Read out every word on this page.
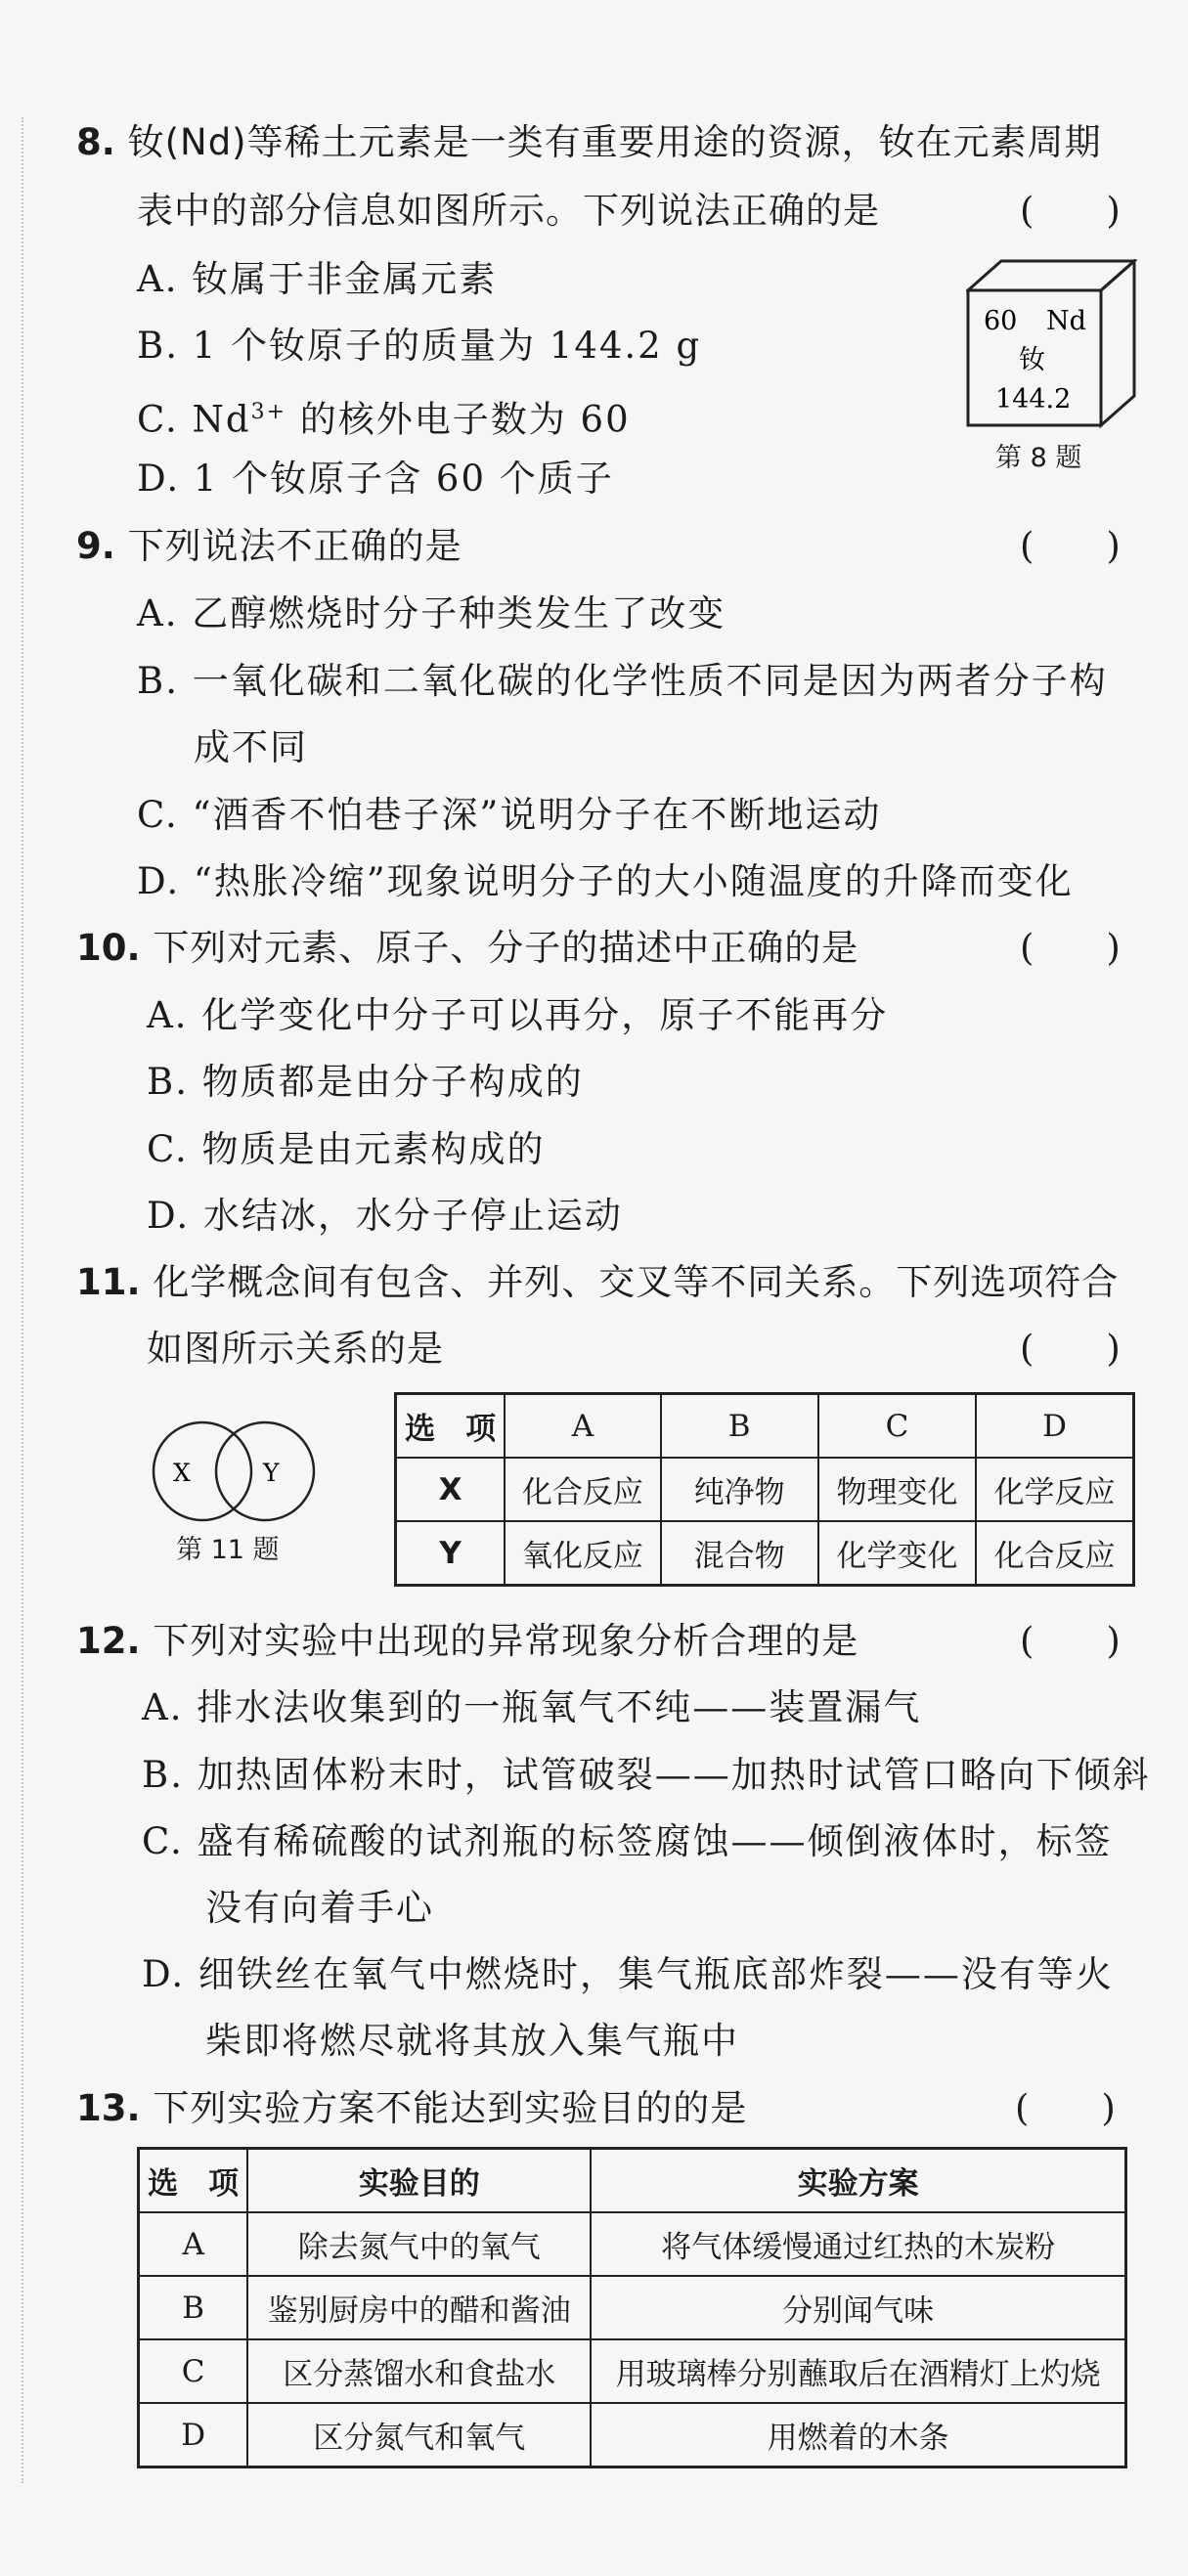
8. 钕(Nd)等稀土元素是一类有重要用途的资源，钕在元素周期
表中的部分信息如图所示。下列说法正确的是	(　　)
A. 钕属于非金属元素
B. 1 个钕原子的质量为 144.2 g
C. $Nd^{3+}$ 的核外电子数为 60
D. 1 个钕原子含 60 个质子
60 Nd
钕
144.2
第 8 题
9. 下列说法不正确的是	(　　)
A. 乙醇燃烧时分子种类发生了改变
B. 一氧化碳和二氧化碳的化学性质不同是因为两者分子构
成不同
C. “酒香不怕巷子深”说明分子在不断地运动
D. “热胀冷缩”现象说明分子的大小随温度的升降而变化
10. 下列对元素、原子、分子的描述中正确的是	(　　)
A. 化学变化中分子可以再分，原子不能再分
B. 物质都是由分子构成的
C. 物质是由元素构成的
D. 水结冰，水分子停止运动
11. 化学概念间有包含、并列、交叉等不同关系。下列选项符合
如图所示关系的是	(　　)
X	Y
第 11 题
选　项	A	B	C	D
X	化合反应	纯净物	物理变化	化学反应
Y	氧化反应	混合物	化学变化	化合反应
12. 下列对实验中出现的异常现象分析合理的是	(　　)
A. 排水法收集到的一瓶氧气不纯——装置漏气
B. 加热固体粉末时，试管破裂——加热时试管口略向下倾斜
C. 盛有稀硫酸的试剂瓶的标签腐蚀——倾倒液体时，标签
没有向着手心
D. 细铁丝在氧气中燃烧时，集气瓶底部炸裂——没有等火
柴即将燃尽就将其放入集气瓶中
13. 下列实验方案不能达到实验目的的是	(　　)
选　项	实验目的	实验方案
A	除去氮气中的氧气	将气体缓慢通过红热的木炭粉
B	鉴别厨房中的醋和酱油	分别闻气味
C	区分蒸馏水和食盐水	用玻璃棒分别蘸取后在酒精灯上灼烧
D	区分氮气和氧气	用燃着的木条
